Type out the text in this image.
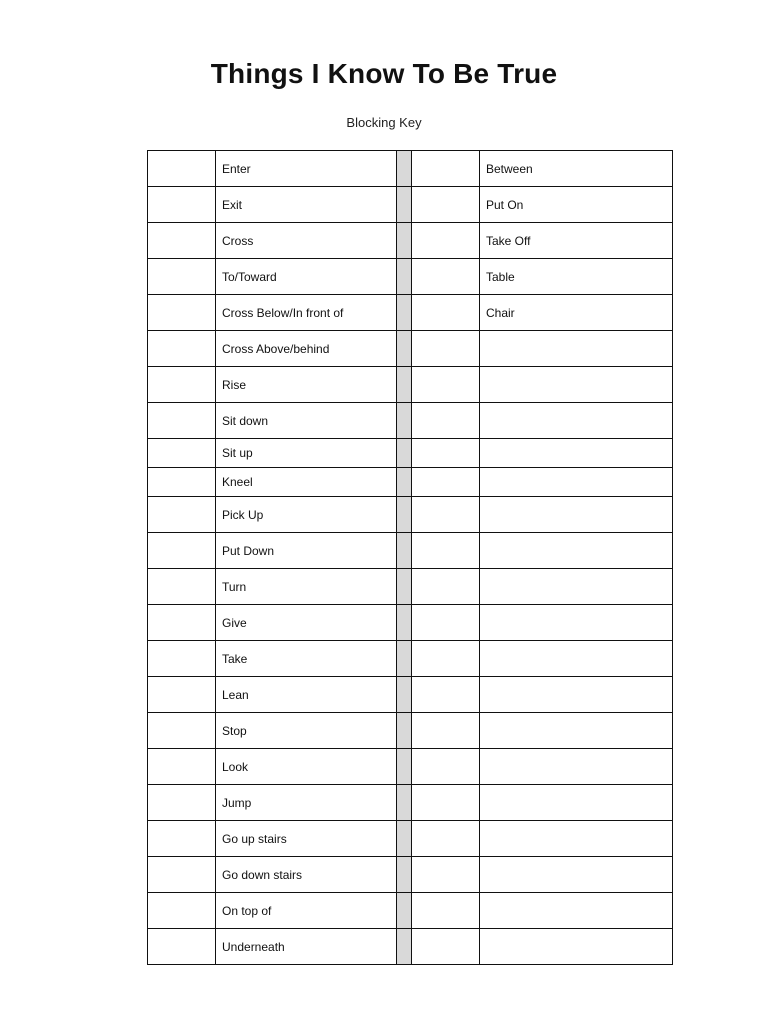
Things I Know To Be True
Blocking Key
	Enter			Between
	Exit			Put On
	Cross			Take Off
	To/Toward			Table
	Cross Below/In front of			Chair
	Cross Above/behind			
	Rise			
	Sit down			
	Sit up			
	Kneel			
	Pick Up			
	Put Down			
	Turn			
	Give			
	Take			
	Lean			
	Stop			
	Look			
	Jump			
	Go up stairs			
	Go down stairs			
	On top of			
	Underneath			
